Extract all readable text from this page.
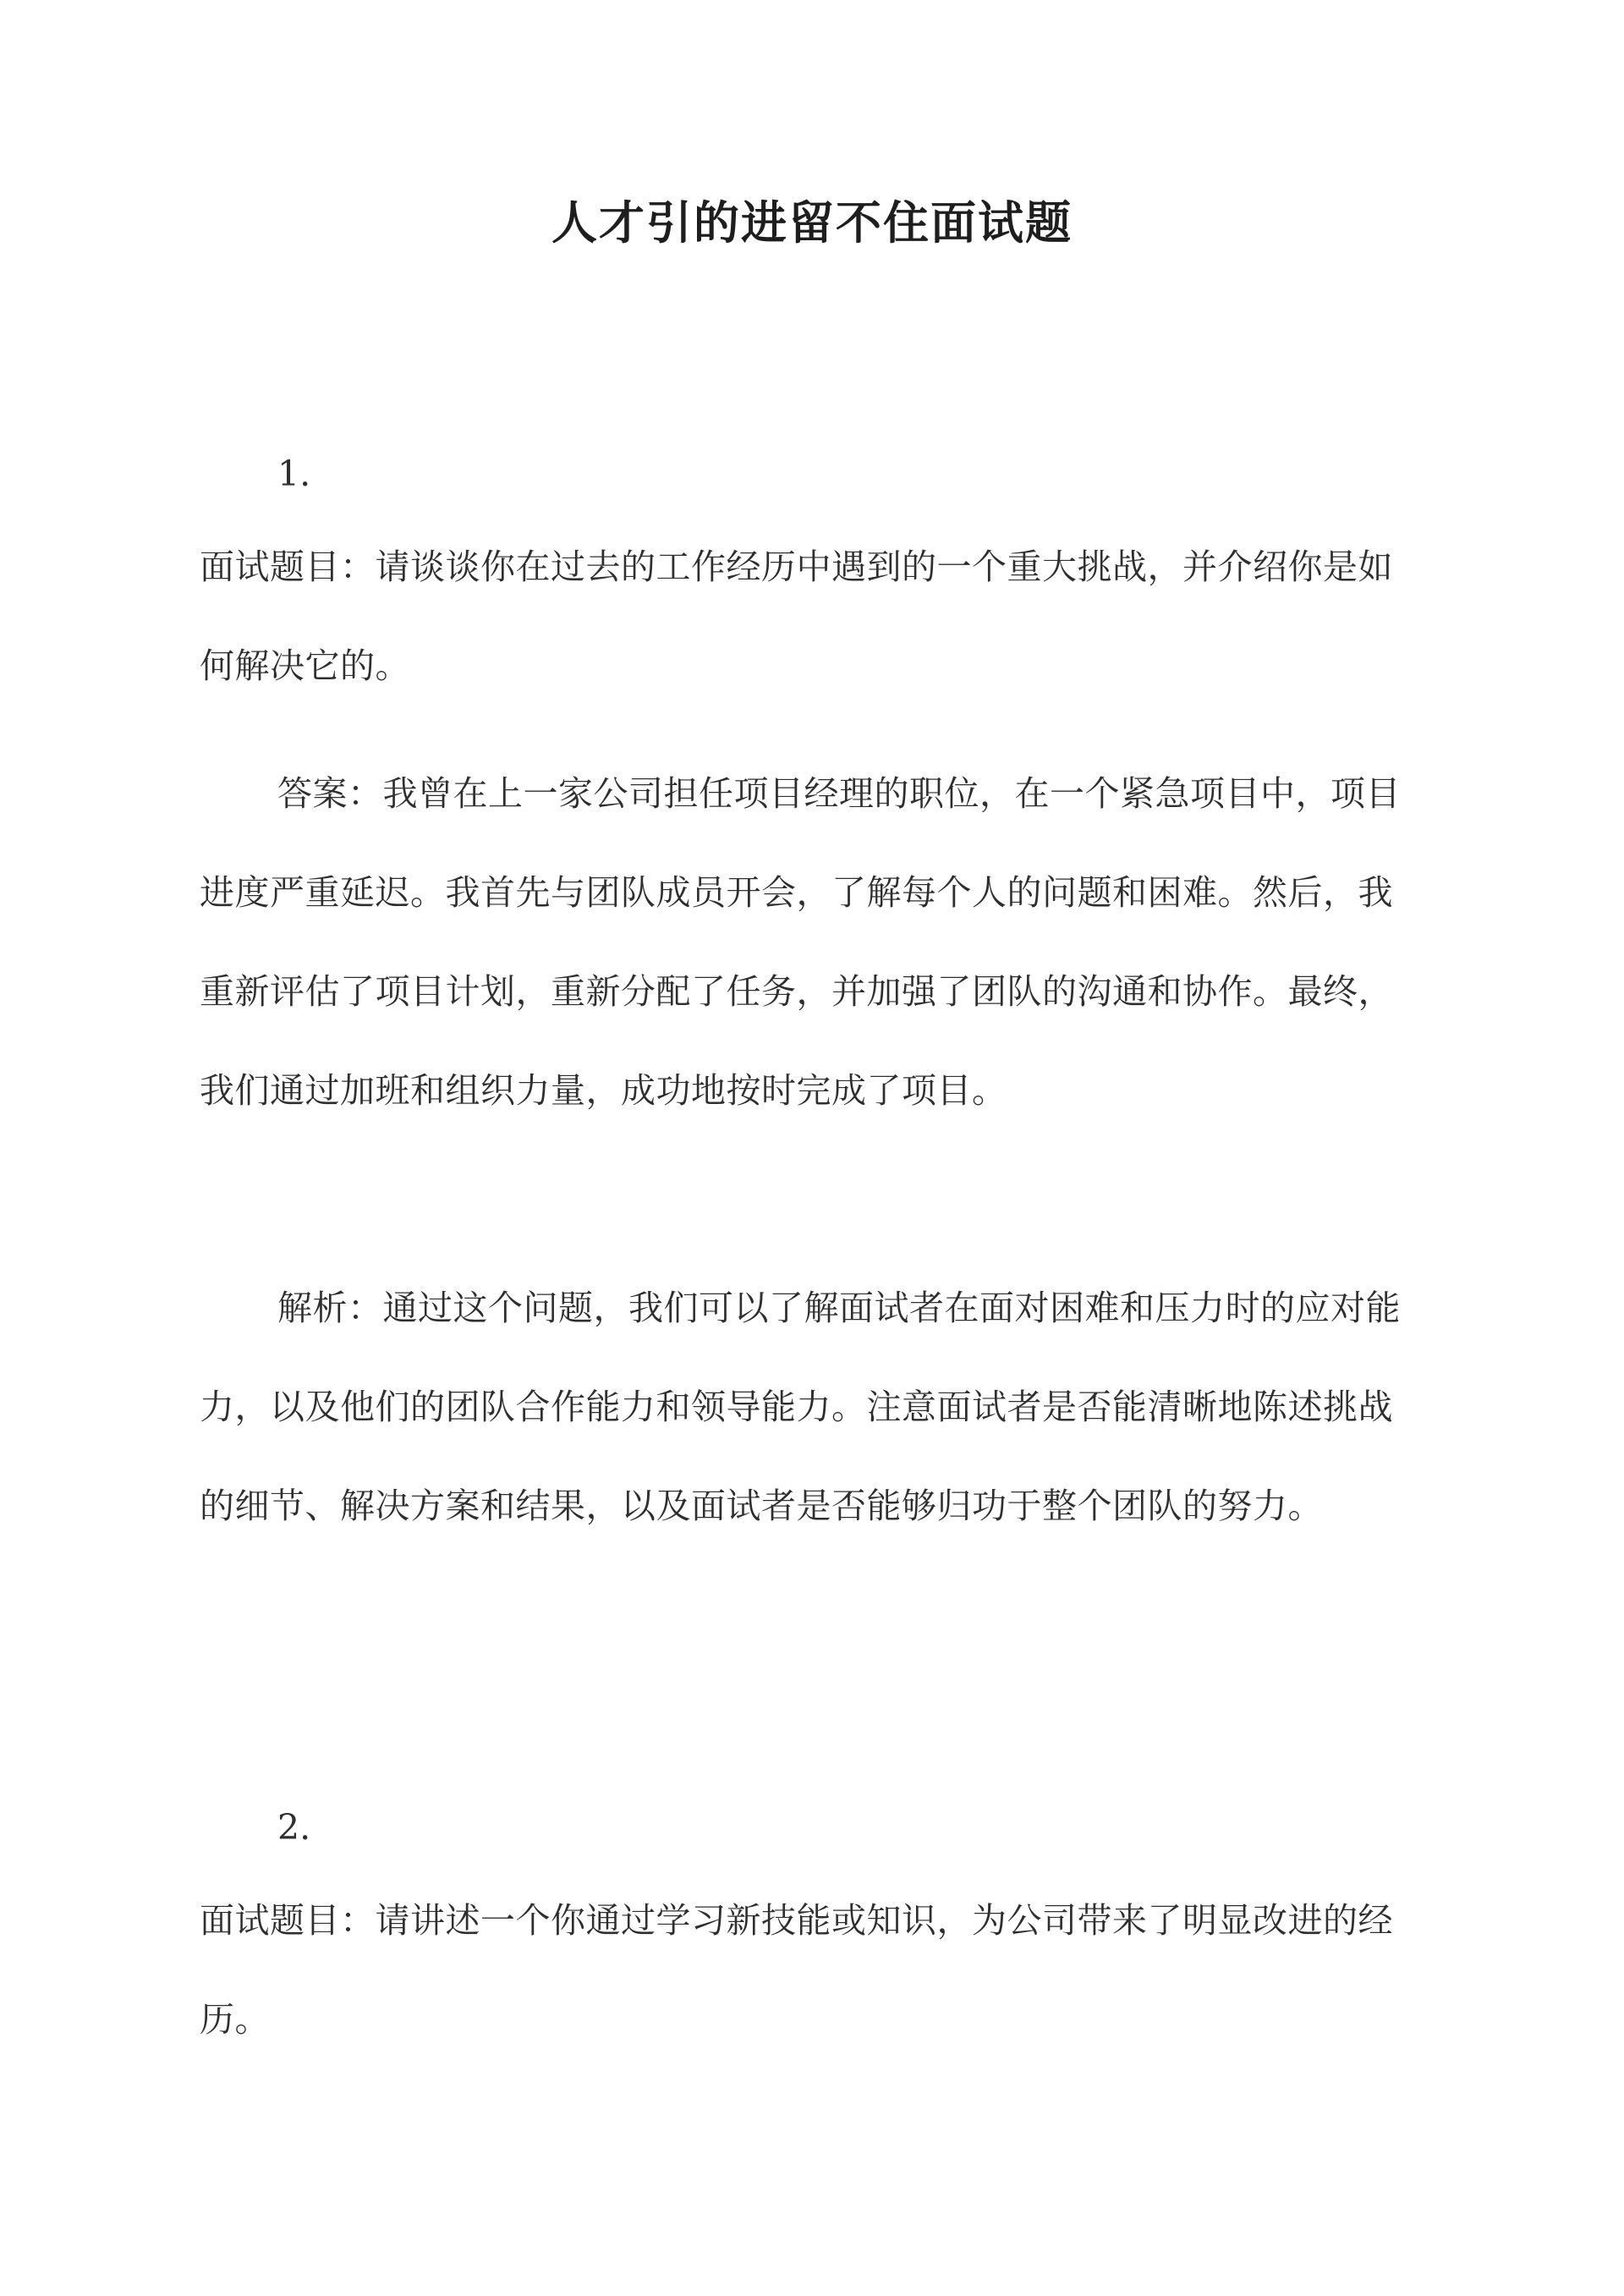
人才引的进留不住面试题
1.
面试题目：请谈谈你在过去的工作经历中遇到的一个重大挑战，并介绍你是如何解决它的。
答案：我曾在上一家公司担任项目经理的职位，在一个紧急项目中，项目进度严重延迟。我首先与团队成员开会，了解每个人的问题和困难。然后，我重新评估了项目计划，重新分配了任务，并加强了团队的沟通和协作。最终，我们通过加班和组织力量，成功地按时完成了项目。
解析：通过这个问题，我们可以了解面试者在面对困难和压力时的应对能力，以及他们的团队合作能力和领导能力。注意面试者是否能清晰地陈述挑战的细节、解决方案和结果，以及面试者是否能够归功于整个团队的努力。
2.
面试题目：请讲述一个你通过学习新技能或知识，为公司带来了明显改进的经历。
